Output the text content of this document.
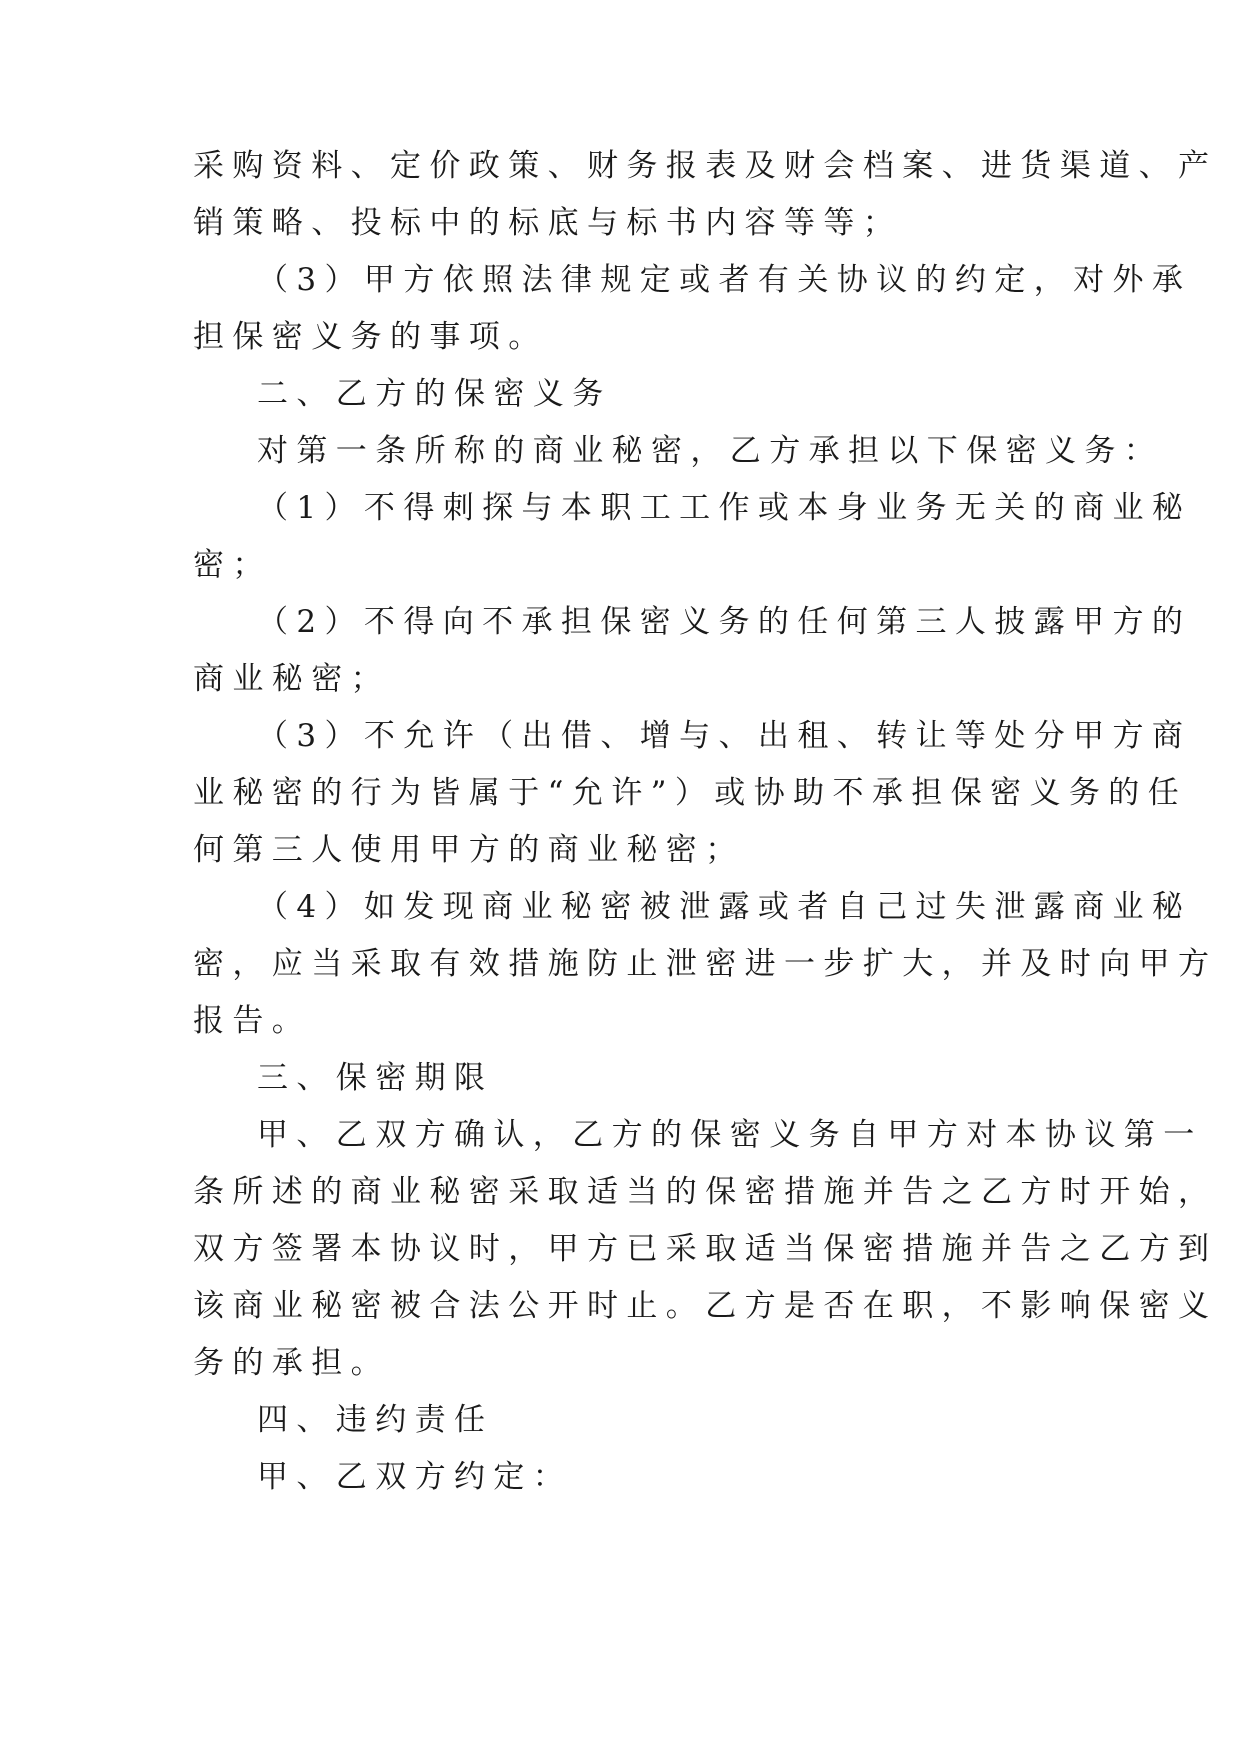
采购资料、定价政策、财务报表及财会档案、进货渠道、产
销策略、投标中的标底与标书内容等等；
（3）甲方依照法律规定或者有关协议的约定，对外承
担保密义务的事项。
二、乙方的保密义务
对第一条所称的商业秘密，乙方承担以下保密义务：
（1）不得刺探与本职工工作或本身业务无关的商业秘
密；
（2）不得向不承担保密义务的任何第三人披露甲方的
商业秘密；
（3）不允许（出借、增与、出租、转让等处分甲方商
业秘密的行为皆属于“允许”）或协助不承担保密义务的任
何第三人使用甲方的商业秘密；
（4）如发现商业秘密被泄露或者自己过失泄露商业秘
密，应当采取有效措施防止泄密进一步扩大，并及时向甲方
报告。
三、保密期限
甲、乙双方确认，乙方的保密义务自甲方对本协议第一
条所述的商业秘密采取适当的保密措施并告之乙方时开始，
双方签署本协议时，甲方已采取适当保密措施并告之乙方到
该商业秘密被合法公开时止。乙方是否在职，不影响保密义
务的承担。
四、违约责任
甲、乙双方约定：
